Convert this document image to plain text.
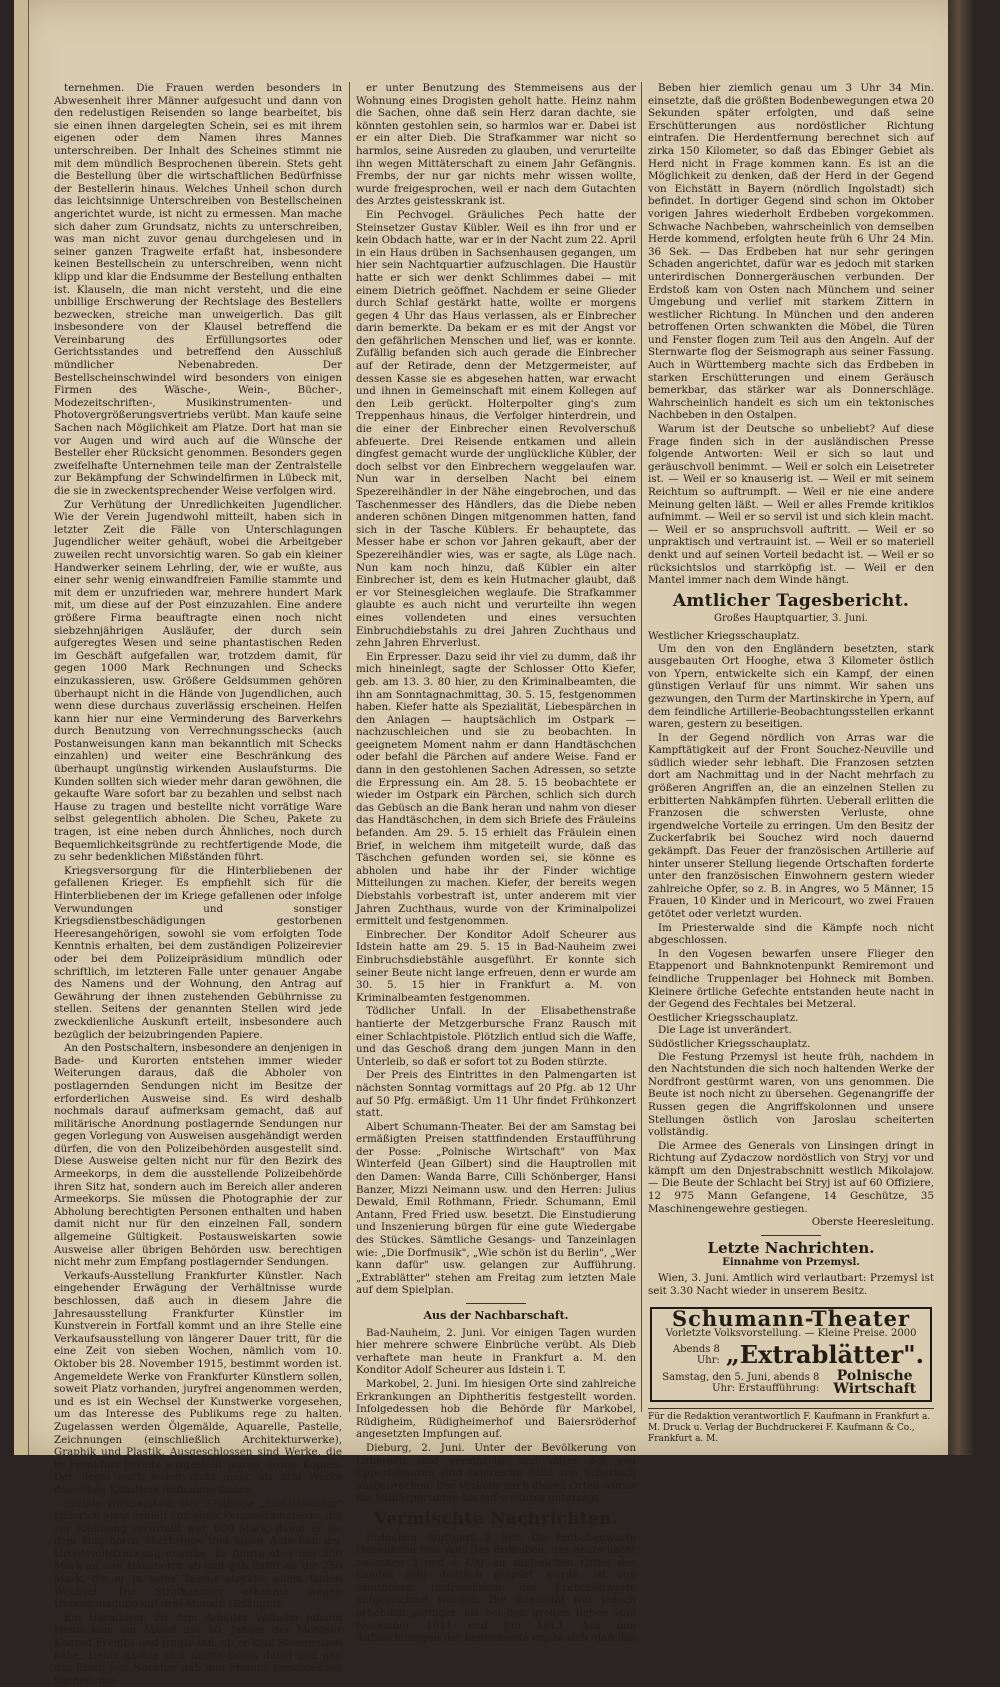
ternehmen. Die Frauen werden besonders in Abwesenheit ihrer Männer aufgesucht und dann von den redelustigen Reisenden so lange bearbeitet, bis sie einen ihnen dargelegten Schein, sei es mit ihrem eigenen oder dem Namen ihres Mannes unterschreiben. Der Inhalt des Scheines stimmt nie mit dem mündlich Besprochenen überein. Stets geht die Bestellung über die wirtschaftlichen Bedürfnisse der Bestellerin hinaus. Welches Unheil schon durch das leichtsinnige Unterschreiben von Bestellscheinen angerichtet wurde, ist nicht zu ermessen. Man mache sich daher zum Grundsatz, nichts zu unterschreiben, was man nicht zuvor genau durchgelesen und in seiner ganzen Tragweite erfaßt hat, insbesondere keinen Bestellschein zu unterschreiben, wenn nicht klipp und klar die Endsumme der Bestellung enthalten ist. Klauseln, die man nicht versteht, und die eine unbillige Erschwerung der Rechtslage des Bestellers bezwecken, streiche man unweigerlich. Das gilt insbesondere von der Klausel betreffend die Vereinbarung des Erfüllungsortes oder Gerichtsstandes und betreffend den Ausschluß mündlicher Nebenabreden. Der Bestellscheinschwindel wird besonders von einigen Firmen des Wäsche-, Wein-, Bücher-, Modezeitschriften-, Musikinstrumenten- und Photovergrößerungsvertriebs verübt. Man kaufe seine Sachen nach Möglichkeit am Platze. Dort hat man sie vor Augen und wird auch auf die Wünsche der Besteller eher Rücksicht genommen. Besonders gegen zweifelhafte Unternehmen teile man der Zentralstelle zur Bekämpfung der Schwindelfirmen in Lübeck mit, die sie in zweckentsprechender Weise verfolgen wird.

Zur Verhütung der Unredlichkeiten Jugendlicher. Wie der Verein Jugendwohl mitteilt, haben sich in letzter Zeit die Fälle von Unterschlagungen Jugendlicher weiter gehäuft, wobei die Arbeitgeber zuweilen recht unvorsichtig waren. So gab ein kleiner Handwerker seinem Lehrling, der, wie er wußte, aus einer sehr wenig einwandfreien Familie stammte und mit dem er unzufrieden war, mehrere hundert Mark mit, um diese auf der Post einzuzahlen. Eine andere größere Firma beauftragte einen noch nicht siebzehnjährigen Ausläufer, der durch sein aufgeregtes Wesen und seine phantastischen Reden im Geschäft aufgefallen war, trotzdem damit, für gegen 1000 Mark Rechnungen und Schecks einzukassieren, usw. Größere Geldsummen gehören überhaupt nicht in die Hände von Jugendlichen, auch wenn diese durchaus zuverlässig erscheinen. Helfen kann hier nur eine Verminderung des Barverkehrs durch Benutzung von Verrechnungsschecks (auch Postanweisungen kann man bekanntlich mit Schecks einzahlen) und weiter eine Beschränkung des überhaupt ungünstig wirkenden Auslaufsturms. Die Kunden sollten sich wieder mehr daran gewöhnen, die gekaufte Ware sofort bar zu bezahlen und selbst nach Hause zu tragen und bestellte nicht vorrätige Ware selbst gelegentlich abholen. Die Scheu, Pakete zu tragen, ist eine neben durch Ähnliches, noch durch Bequemlichkeitsgründe zu rechtfertigende Mode, die zu sehr bedenklichen Mißständen führt.

Kriegsversorgung für die Hinterbliebenen der gefallenen Krieger. Es empfiehlt sich für die Hinterbliebenen der im Kriege gefallenen oder infolge Verwundungen und sonstiger Kriegsdienstbeschädigungen gestorbenen Heeresangehörigen, sowohl sie vom erfolgten Tode Kenntnis erhalten, bei dem zuständigen Polizeirevier oder bei dem Polizeipräsidium mündlich oder schriftlich, im letzteren Falle unter genauer Angabe des Namens und der Wohnung, den Antrag auf Gewährung der ihnen zustehenden Gebührnisse zu stellen. Seitens der genannten Stellen wird jede zweckdienliche Auskunft erteilt, insbesondere auch bezüglich der beizubringenden Papiere.

An den Postschaltern, insbesondere an denjenigen in Bade- und Kurorten entstehen immer wieder Weiterungen daraus, daß die Abholer von postlagernden Sendungen nicht im Besitze der erforderlichen Ausweise sind. Es wird deshalb nochmals darauf aufmerksam gemacht, daß auf militärische Anordnung postlagernde Sendungen nur gegen Vorlegung von Ausweisen ausgehändigt werden dürfen, die von den Polizeibehörden ausgestellt sind. Diese Ausweise gelten nicht nur für den Bezirk des Armeekorps, in dem die ausstellende Polizeibehörde ihren Sitz hat, sondern auch im Bereich aller anderen Armeekorps. Sie müssen die Photographie der zur Abholung berechtigten Personen enthalten und haben damit nicht nur für den einzelnen Fall, sondern allgemeine Gültigkeit. Postausweiskarten sowie Ausweise aller übrigen Behörden usw. berechtigen nicht mehr zum Empfang postlagernder Sendungen.

Verkaufs-Ausstellung Frankfurter Künstler. Nach eingehender Erwägung der Verhältnisse wurde beschlossen, daß auch in diesem Jahre die Jahresausstellung Frankfurter Künstler im Kunstverein in Fortfall kommt und an ihre Stelle eine Verkaufsausstellung von längerer Dauer tritt, für die eine Zeit von sieben Wochen, nämlich vom 10. Oktober bis 28. November 1915, bestimmt worden ist. Angemeldete Werke von Frankfurter Künstlern sollen, soweit Platz vorhanden, juryfrei angenommen werden, und es ist ein Wechsel der Kunstwerke vorgesehen, um das Interesse des Publikums rege zu halten. Zugelassen werden Ölgemälde, Aquarelle, Pastelle, Zeichnungen (einschließlich Architekturwerke), Graphik und Plastik. Ausgeschlossen sind Werke, die in Frankfurt bereits ausgestellt waren, sowie Kopien. Der Regel nach sollen nicht mehr als drei Werke desselben Künstlers Aufnahme finden.

Soziale Wirksamkeit. Der 57jährige „Sozialökonom" Heinrich Maul erhielt von einer Pensionsinhaberin, die zur Räumung verurteilt war, 600 Mark, damit er sie dem Hausherrn überbringe und einen Aufschub der Urteilsvollstreckung erwirke. Er führte aber nur 350 Mark an den Hausherrn ab und gab dafür an die 250 Mark, die er in seine Tasche steckte, einen faulen Wechsel. Die Strafkammer erkannte wegen Unterschlagung auf drei Monate Gefängnis.

Ein Harmloser. Zu dem Arbeiter Wilhelm Johann Heinz kam am Abend des 10. Januar der Monteur Konrad Frembs und fragte ihn, ob er kein Stemmeisen habe. Heinz dachte sich nichts Böses dabei und gab das Eisen her. Nachher gab ihm Frembs verschiedene Sachen, die

er unter Benutzung des Stemmeisens aus der Wohnung eines Drogisten geholt hatte. Heinz nahm die Sachen, ohne daß sein Herz daran dachte, sie könnten gestohlen sein, so harmlos war er. Dabei ist er ein alter Dieb. Die Strafkammer war nicht so harmlos, seine Ausreden zu glauben, und verurteilte ihn wegen Mittäterschaft zu einem Jahr Gefängnis. Frembs, der nur gar nichts mehr wissen wollte, wurde freigesprochen, weil er nach dem Gutachten des Arztes geistesskrank ist.

Ein Pechvogel. Gräuliches Pech hatte der Steinsetzer Gustav Kübler. Weil es ihn fror und er kein Obdach hatte, war er in der Nacht zum 22. April in ein Haus drüben in Sachsenhausen gegangen, um hier sein Nachtquartier aufzuschlagen. Die Haustür hatte er sich wer denkt Schlimmes dabei — mit einem Dietrich geöffnet. Nachdem er seine Glieder durch Schlaf gestärkt hatte, wollte er morgens gegen 4 Uhr das Haus verlassen, als er Einbrecher darin bemerkte. Da bekam er es mit der Angst vor den gefährlichen Menschen und lief, was er konnte. Zufällig befanden sich auch gerade die Einbrecher auf der Retirade, denn der Metzgermeister, auf dessen Kasse sie es abgesehen hatten, war erwacht und ihnen in Gemeinschaft mit einem Kollegen auf den Leib gerückt. Holterpolter ging's zum Treppenhaus hinaus, die Verfolger hinterdrein, und die einer der Einbrecher einen Revolverschuß abfeuerte. Drei Reisende entkamen und allein dingfest gemacht wurde der unglückliche Kübler, der doch selbst vor den Einbrechern weggelaufen war. Nun war in derselben Nacht bei einem Spezereihändler in der Nähe eingebrochen, und das Taschenmesser des Händlers, das die Diebe neben anderen schönen Dingen mitgenommen hatten, fand sich in der Tasche Küblers. Er behauptete, das Messer habe er schon vor Jahren gekauft, aber der Spezereihändler wies, was er sagte, als Lüge nach. Nun kam noch hinzu, daß Kübler ein alter Einbrecher ist, dem es kein Hutmacher glaubt, daß er vor Steinesgleichen weglaufe. Die Strafkammer glaubte es auch nicht und verurteilte ihn wegen eines vollendeten und eines versuchten Einbruchdiebstahls zu drei Jahren Zuchthaus und zehn Jahren Ehrverlust.

Ein Erpresser. Dazu seid ihr viel zu dumm, daß ihr mich hineinlegt, sagte der Schlosser Otto Kiefer, geb. am 13. 3. 80 hier, zu den Kriminalbeamten, die ihn am Sonntagnachmittag, 30. 5. 15, festgenommen haben. Kiefer hatte als Spezialität, Liebespärchen in den Anlagen — hauptsächlich im Ostpark — nachzuschleichen und sie zu beobachten. In geeignetem Moment nahm er dann Handtäschchen oder befahl die Pärchen auf andere Weise. Fand er dann in den gestohlenen Sachen Adressen, so setzte die Erpressung ein. Am 28. 5. 15 beobachtete er wieder im Ostpark ein Pärchen, schlich sich durch das Gebüsch an die Bank heran und nahm von dieser das Handtäschchen, in dem sich Briefe des Fräuleins befanden. Am 29. 5. 15 erhielt das Fräulein einen Brief, in welchem ihm mitgeteilt wurde, daß das Täschchen gefunden worden sei, sie könne es abholen und habe ihr der Finder wichtige Mitteilungen zu machen. Kiefer, der bereits wegen Diebstahls vorbestraft ist, unter anderem mit vier Jahren Zuchthaus, wurde von der Kriminalpolizei ermittelt und festgenommen.

Einbrecher. Der Konditor Adolf Scheurer aus Idstein hatte am 29. 5. 15 in Bad-Nauheim zwei Einbruchsdiebstähle ausgeführt. Er konnte sich seiner Beute nicht lange erfreuen, denn er wurde am 30. 5. 15 hier in Frankfurt a. M. von Kriminalbeamten festgenommen.

Tödlicher Unfall. In der Elisabethenstraße hantierte der Metzgerbursche Franz Rausch mit einer Schlachtpistole. Plötzlich entlud sich die Waffe, und das Geschoß drang dem jungen Mann in den Unterleib, so daß er sofort tot zu Boden stürzte.

Der Preis des Eintrittes in den Palmengarten ist nächsten Sonntag vormittags auf 20 Pfg. ab 12 Uhr auf 50 Pfg. ermäßigt. Um 11 Uhr findet Frühkonzert statt.

Albert Schumann-Theater. Bei der am Samstag bei ermäßigten Preisen stattfindenden Erstaufführung der Posse: „Polnische Wirtschaft" von Max Winterfeld (Jean Gilbert) sind die Hauptrollen mit den Damen: Wanda Barre, Cilli Schönberger, Hansi Banzer, Mizzi Neimann usw. und den Herren: Julius Dewald, Emil Rothmann, Friedr. Schumann, Emil Antann, Fred Fried usw. besetzt. Die Einstudierung und Inszenierung bürgen für eine gute Wiedergabe des Stückes. Sämtliche Gesangs- und Tanzeinlagen wie: „Die Dorfmusik", „Wie schön ist du Berlin", „Wer kann dafür" usw. gelangen zur Aufführung. „Extrablätter" stehen am Freitag zum letzten Male auf dem Spielplan.

Aus der Nachbarschaft.

Bad-Nauheim, 2. Juni. Vor einigen Tagen wurden hier mehrere schwere Einbrüche verübt. Als Dieb verhaftete man heute in Frankfurt a. M. den Konditor Adolf Scheurer aus Idstein i. T.

Markobel, 2. Juni. Im hiesigen Orte sind zahlreiche Erkrankungen an Diphtheritis festgestellt worden. Infolgedessen hob die Behörde für Markobel, Rüdigheim, Rüdigheimerhof und Baiersröderhof angesetzten Impfungen auf.

Dieburg, 2. Juni. Unter der Bevölkerung von Urberach sind vereinzelte und unter der von Eppertshausen sind zahlreiche Fälle von Scharlach ausgebrochen. Der Verkehr nach diesen Orten wurde für Militärpersonen bis auf weiteres untersagt.

Vermischte Nachrichten.

Erdbeben. Stuttgart, 2. Juni. Die Erdbebenwarte Hohenheim teilt mit: Das Erdbeben, das heute nacht zwischen 3 und 4 Uhr an zahlreichen Orten des Landes sehr deutlich gespürt wurde, ist von sämtlichen Instrumenten der Erdbebenwarte aufgezeichnet worden. Die Intensität war jedoch erheblich geringer, als bei den großen Beben vom November 1911 und Juli 1913. Aus den Aufzeichnungen der Instrumente ergibt sich, daß das

Beben hier ziemlich genau um 3 Uhr 34 Min. einsetzte, daß die größten Bodenbewegungen etwa 20 Sekunden später erfolgten, und daß seine Erschütterungen aus nordöstlicher Richtung eintrafen. Die Herdentfernung berechnet sich auf zirka 150 Kilometer, so daß das Ebinger Gebiet als Herd nicht in Frage kommen kann. Es ist an die Möglichkeit zu denken, daß der Herd in der Gegend von Eichstätt in Bayern (nördlich Ingolstadt) sich befindet. In dortiger Gegend sind schon im Oktober vorigen Jahres wiederholt Erdbeben vorgekommen. Schwache Nachbeben, wahrscheinlich von demselben Herde kommend, erfolgten heute früh 6 Uhr 24 Min. 36 Sek. — Das Erdbeben hat nur sehr geringen Schaden angerichtet, dafür war es jedoch mit starken unterirdischen Donnergeräuschen verbunden. Der Erdstoß kam von Osten nach Münchem und seiner Umgebung und verlief mit starkem Zittern in westlicher Richtung. In München und den anderen betroffenen Orten schwankten die Möbel, die Türen und Fenster flogen zum Teil aus den Angeln. Auf der Sternwarte flog der Seismograph aus seiner Fassung. Auch in Württemberg machte sich das Erdbeben in starken Erschütterungen und einem Geräusch bemerkbar, das stärker war als Donnerschläge. Wahrscheinlich handelt es sich um ein tektonisches Nachbeben in den Ostalpen.

Warum ist der Deutsche so unbeliebt? Auf diese Frage finden sich in der ausländischen Presse folgende Antworten: Weil er sich so laut und geräuschvoll benimmt. — Weil er solch ein Leisetreter ist. — Weil er so knauserig ist. — Weil er mit seinem Reichtum so auftrumpft. — Weil er nie eine andere Meinung gelten läßt. — Weil er alles Fremde kritiklos aufnimmt. — Weil er so servil ist und sich klein macht. — Weil er so anspruchsvoll auftritt. — Weil er so unpraktisch und vertrauint ist. — Weil er so materiell denkt und auf seinen Vorteil bedacht ist. — Weil er so rücksichtslos und starrköpfig ist. — Weil er den Mantel immer nach dem Winde hängt.

Amtlicher Tagesbericht.
Großes Hauptquartier, 3. Juni.
Westlicher Kriegsschauplatz.

Um den von den Engländern besetzten, stark ausgebauten Ort Hooghe, etwa 3 Kilometer östlich von Ypern, entwickelte sich ein Kampf, der einen günstigen Verlauf für uns nimmt. Wir sahen uns gezwungen, den Turm der Martinskirche in Ypern, auf dem feindliche Artillerie-Beobachtungsstellen erkannt waren, gestern zu beseitigen.

In der Gegend nördlich von Arras war die Kampftätigkeit auf der Front Souchez-Neuville und südlich wieder sehr lebhaft. Die Franzosen setzten dort am Nachmittag und in der Nacht mehrfach zu größeren Angriffen an, die an einzelnen Stellen zu erbitterten Nahkämpfen führten. Ueberall erlitten die Franzosen die schwersten Verluste, ohne irgendwelche Vorteile zu erringen. Um den Besitz der Zuckerfabrik bei Souchez wird noch dauernd gekämpft. Das Feuer der französischen Artillerie auf hinter unserer Stellung liegende Ortschaften forderte unter den französischen Einwohnern gestern wieder zahlreiche Opfer, so z. B. in Angres, wo 5 Männer, 15 Frauen, 10 Kinder und in Mericourt, wo zwei Frauen getötet oder verletzt wurden.

Im Priesterwalde sind die Kämpfe noch nicht abgeschlossen.

In den Vogesen bewarfen unsere Flieger den Etappenort und Bahnknotenpunkt Remiremont und feindliche Truppenlager bei Hohneck mit Bomben. Kleinere örtliche Gefechte entstanden heute nacht in der Gegend des Fechtales bei Metzeral.

Oestlicher Kriegsschauplatz.

Die Lage ist unverändert.

Südöstlicher Kriegsschauplatz.

Die Festung Przemysl ist heute früh, nachdem in den Nachtstunden die sich noch haltenden Werke der Nordfront gestürmt waren, von uns genommen. Die Beute ist noch nicht zu übersehen. Gegenangriffe der Russen gegen die Angriffskolonnen und unsere Stellungen östlich von Jaroslau scheiterten vollständig.

Die Armee des Generals von Linsingen dringt in Richtung auf Zydaczow nordöstlich von Stryj vor und kämpft um den Dnjestrabschnitt westlich Mikolajow. — Die Beute der Schlacht bei Stryj ist auf 60 Offiziere, 12 975 Mann Gefangene, 14 Geschütze, 35 Maschinengewehre gestiegen.

Oberste Heeresleitung.
Letzte Nachrichten.
Einnahme von Przemysl.

Wien, 3. Juni. Amtlich wird verlautbart: Przemysl ist seit 3.30 Nacht wieder in unserem Besitz.

Schumann-Theater
Vorletzte Volksvorstellung. — Kleine Preise. 2000
Abends 8 Uhr: „Extrablätter".
Samstag, den 5. Juni, abends 8 Uhr: Erstaufführung:
Polnische Wirtschaft
Für die Redaktion verantwortlich F. Kaufmann in Frankfurt a. M. Druck u. Verlag der Buchdruckerei F. Kaufmann & Co., Frankfurt a. M.
